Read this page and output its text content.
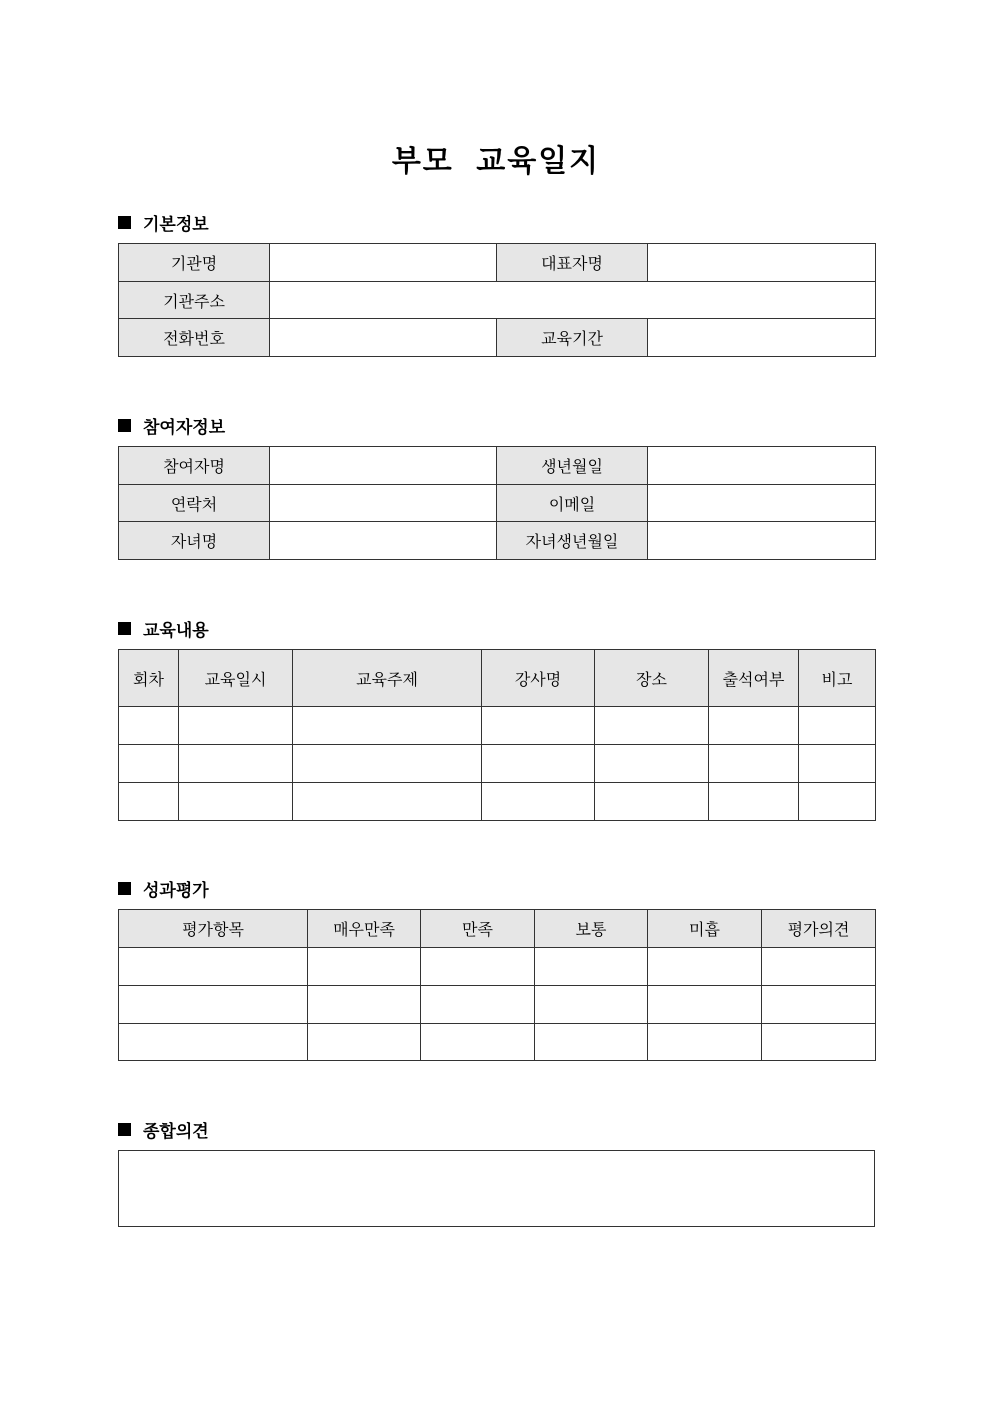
부모 교육일지
기본정보
기관명		대표자명	
기관주소			
전화번호		교육기간	
참여자정보
참여자명		생년월일	
연락처		이메일	
자녀명		자녀생년월일	
교육내용
회차	교육일시	교육주제	강사명	장소	출석여부	비고

성과평가
평가항목	매우만족	만족	보통	미흡	평가의견

종합의견
